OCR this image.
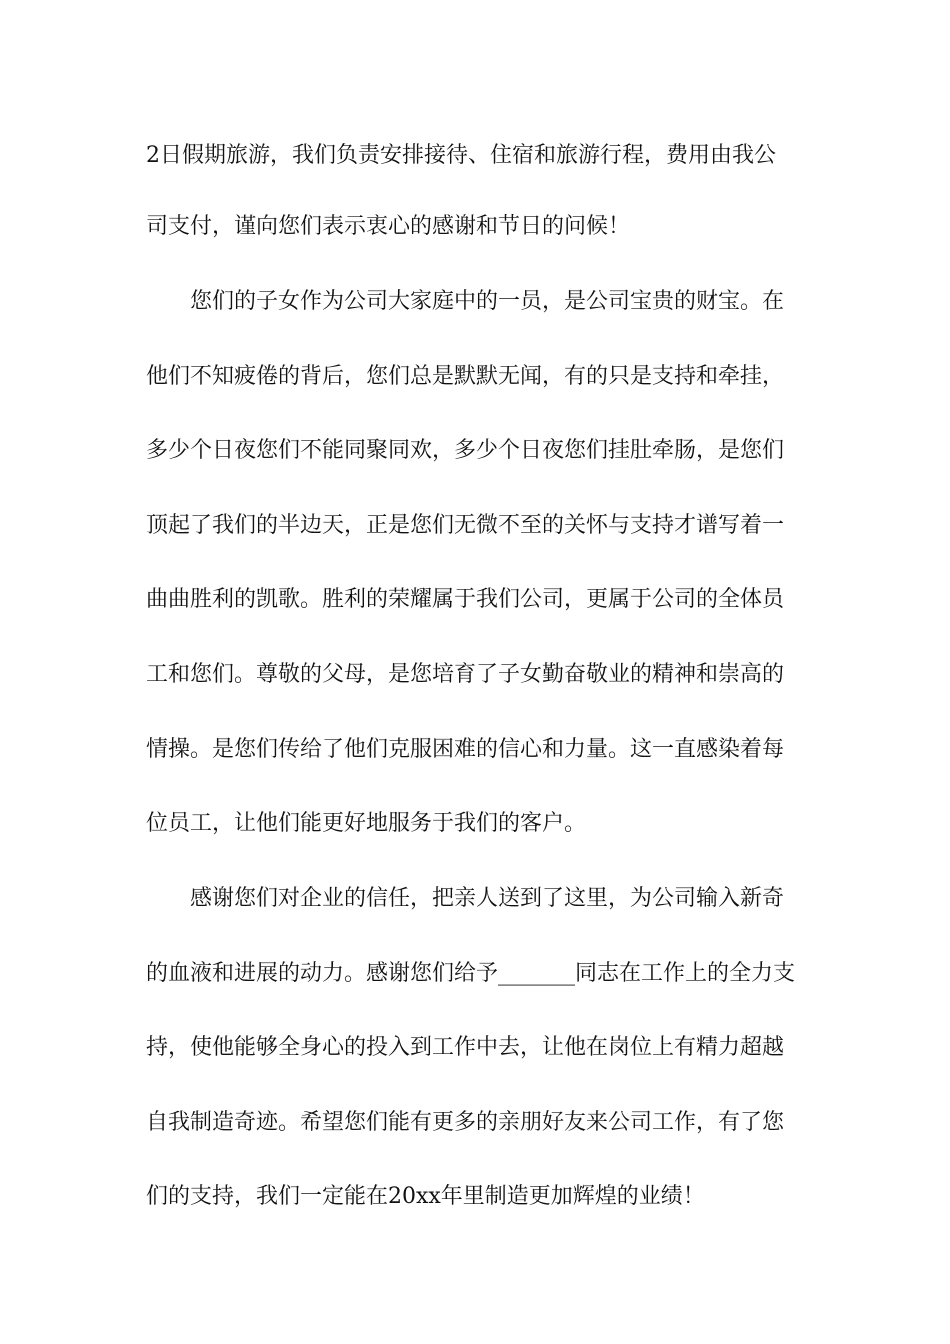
2日假期旅游，我们负责安排接待、住宿和旅游行程，费用由我公
司支付，谨向您们表示衷心的感谢和节日的问候！
您们的子女作为公司大家庭中的一员，是公司宝贵的财宝。在
他们不知疲倦的背后，您们总是默默无闻，有的只是支持和牵挂，
多少个日夜您们不能同聚同欢，多少个日夜您们挂肚牵肠，是您们
顶起了我们的半边天，正是您们无微不至的关怀与支持才谱写着一
曲曲胜利的凯歌。胜利的荣耀属于我们公司，更属于公司的全体员
工和您们。尊敬的父母，是您培育了子女勤奋敬业的精神和崇高的
情操。是您们传给了他们克服困难的信心和力量。这一直感染着每
位员工，让他们能更好地服务于我们的客户。
感谢您们对企业的信任，把亲人送到了这里，为公司输入新奇
的血液和进展的动力。感谢您们给予_______同志在工作上的全力支
持，使他能够全身心的投入到工作中去，让他在岗位上有精力超越
自我制造奇迹。希望您们能有更多的亲朋好友来公司工作，有了您
们的支持，我们一定能在20xx年里制造更加辉煌的业绩！
